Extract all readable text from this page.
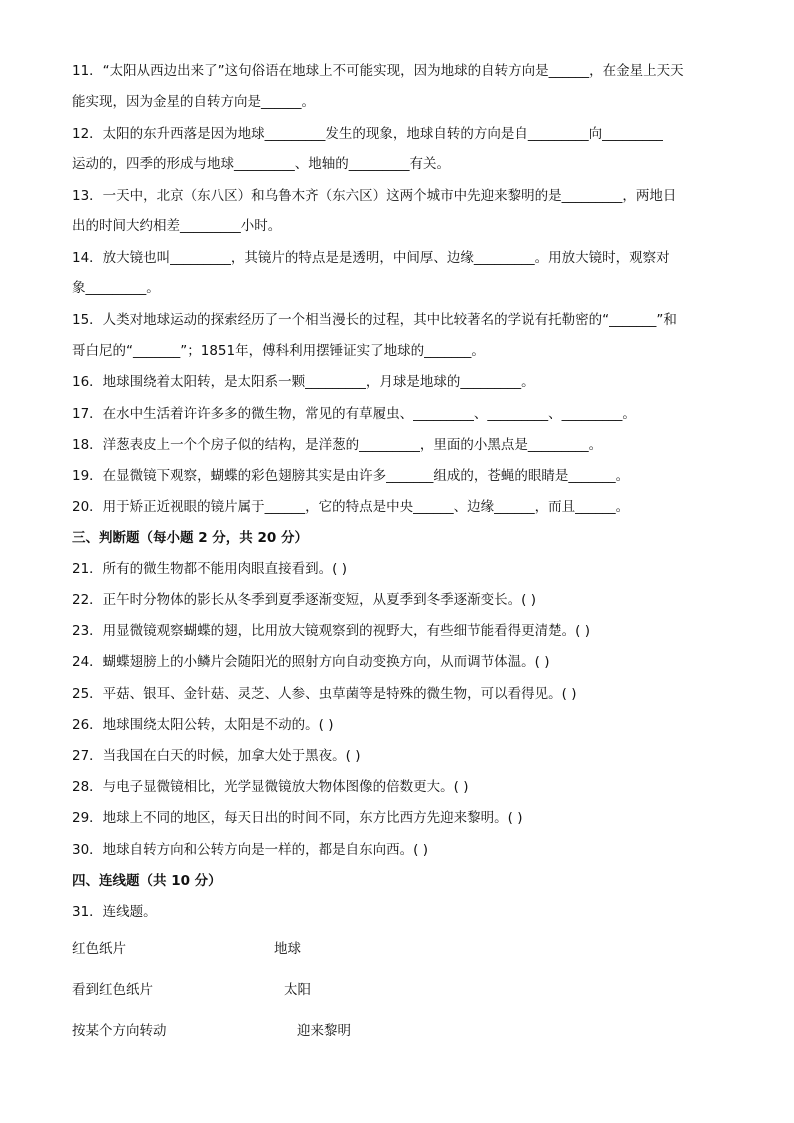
11．“太阳从西边出来了”这句俗语在地球上不可能实现，因为地球的自转方向是______，在金星上天天
能实现，因为金星的自转方向是______。
12．太阳的东升西落是因为地球_________发生的现象，地球自转的方向是自_________向_________
运动的，四季的形成与地球_________、地轴的_________有关。
13．一天中，北京（东八区）和乌鲁木齐（东六区）这两个城市中先迎来黎明的是_________，两地日
出的时间大约相差_________小时。
14．放大镜也叫_________，其镜片的特点是是透明，中间厚、边缘_________。用放大镜时，观察对
象_________。
15．人类对地球运动的探索经历了一个相当漫长的过程，其中比较著名的学说有托勒密的“_______”和
哥白尼的“_______”；1851年，傅科利用摆锤证实了地球的_______。
16．地球围绕着太阳转，是太阳系一颗_________，月球是地球的_________。
17．在水中生活着许许多多的微生物，常见的有草履虫、_________、_________、_________。
18．洋葱表皮上一个个房子似的结构，是洋葱的_________，里面的小黑点是_________。
19．在显微镜下观察，蝴蝶的彩色翅膀其实是由许多_______组成的，苍蝇的眼睛是_______。
20．用于矫正近视眼的镜片属于______，它的特点是中央______、边缘______，而且______。
三、判断题（每小题 2 分，共 20 分）
21．所有的微生物都不能用肉眼直接看到。( )
22．正午时分物体的影长从冬季到夏季逐渐变短，从夏季到冬季逐渐变长。( )
23．用显微镜观察蝴蝶的翅，比用放大镜观察到的视野大，有些细节能看得更清楚。( )
24．蝴蝶翅膀上的小鳞片会随阳光的照射方向自动变换方向，从而调节体温。( )
25．平菇、银耳、金针菇、灵芝、人参、虫草菌等是特殊的微生物，可以看得见。( )
26．地球围绕太阳公转，太阳是不动的。( )
27．当我国在白天的时候，加拿大处于黑夜。( )
28．与电子显微镜相比，光学显微镜放大物体图像的倍数更大。( )
29．地球上不同的地区，每天日出的时间不同，东方比西方先迎来黎明。( )
30．地球自转方向和公转方向是一样的，都是自东向西。( )
四、连线题（共 10 分）
31．连线题。
红色纸片	地球
看到红色纸片	太阳
按某个方向转动	迎来黎明
